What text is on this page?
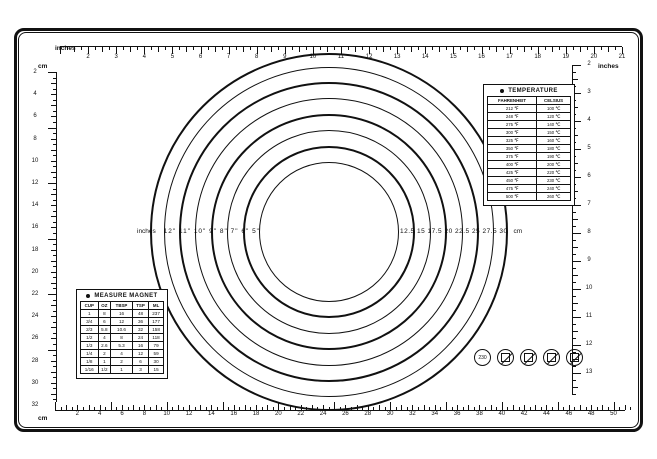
2	3	4	5	6	7	8	9	10	11	12	13	14	15	16	17	18	19	20	21
2
4
6
8
10
12
14
16
18
20
22
24
26
28
30
32
2
3
4
5
6
7
8
9
10
11
12
13
2	4	6	8	10	12	14	16	18	20	22	24	26	28	30	32	34	36	38	40	42	44	46	48	50
inches
cm	inches
cm
inches 12" 11" 10" 9" 8" 7" 6" 5"	12.5 15 17.5 20 22.5 25 27.5 30 cm
TEMPERATURE
FAHRENHEIT	CELSIUS
212 ℉	100 ℃
248 ℉	120 ℃
275 ℉	140 ℃
300 ℉	150 ℃
325 ℉	160 ℃
350 ℉	180 ℃
375 ℉	190 ℃
400 ℉	200 ℃
425 ℉	220 ℃
450 ℉	230 ℃
475 ℉	240 ℃
500 ℉	260 ℃
MEASURE MAGNET
CUP	OZ	TBSP	TSP	ML
1	8	16	48	237
3/4	6	12	36	177
2/3	5.8	10.6	32	158
1/2	4	8	24	118
1/3	2.6	5.3	16	79
1/4	2	4	12	59
1/8	1	2	6	30
1/16	1/2	1	3	15
230
